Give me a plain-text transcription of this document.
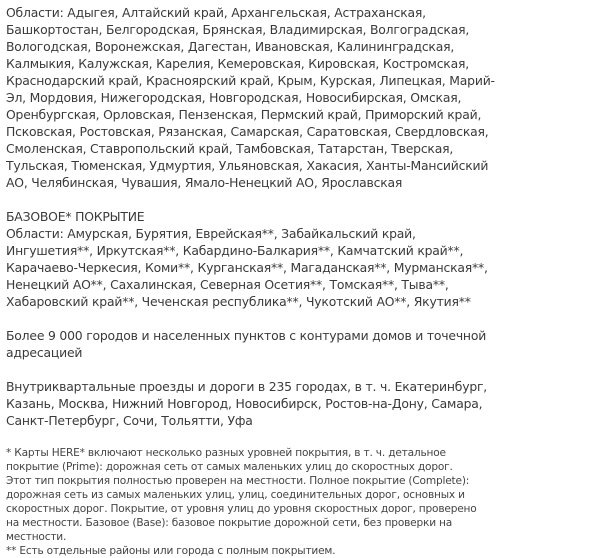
Области: Адыгея, Алтайский край, Архангельская, Астраханская,
Башкортостан, Белгородская, Брянская, Владимирская, Волгоградская,
Вологодская, Воронежская, Дагестан, Ивановская, Калининградская,
Калмыкия, Калужская, Карелия, Кемеровская, Кировская, Костромская,
Краснодарский край, Красноярский край, Крым, Курская, Липецкая, Марий-
Эл, Мордовия, Нижегородская, Новгородская, Новосибирская, Омская,
Оренбургская, Орловская, Пензенская, Пермский край, Приморский край,
Псковская, Ростовская, Рязанская, Самарская, Саратовская, Свердловская,
Смоленская, Ставропольский край, Тамбовская, Татарстан, Тверская,
Тульская, Тюменская, Удмуртия, Ульяновская, Хакасия, Ханты-Мансийский
АО, Челябинская, Чувашия, Ямало-Ненецкий АО, Ярославская
БАЗОВОЕ* ПОКРЫТИЕ
Области: Амурская, Бурятия, Еврейская**, Забайкальский край,
Ингушетия**, Иркутская**, Кабардино-Балкария**, Камчатский край**,
Карачаево-Черкесия, Коми**, Курганская**, Магаданская**, Мурманская**,
Ненецкий АО**, Сахалинская, Северная Осетия**, Томская**, Тыва**,
Хабаровский край**, Чеченская республика**, Чукотский АО**, Якутия**
Более 9 000 городов и населенных пунктов с контурами домов и точечной
адресацией
Внутриквартальные проезды и дороги в 235 городах, в т. ч. Екатеринбург,
Казань, Москва, Нижний Новгород, Новосибирск, Ростов-на-Дону, Самара,
Санкт-Петербург, Сочи, Тольятти, Уфа
* Карты HERE* включают несколько разных уровней покрытия, в т. ч. детальное
покрытие (Prime): дорожная сеть от самых маленьких улиц до скоростных дорог.
Этот тип покрытия полностью проверен на местности. Полное покрытие (Complete):
дорожная сеть из самых маленьких улиц, улиц, соединительных дорог, основных и
скоростных дорог. Покрытие, от уровня улиц до уровня скоростных дорог, проверено
на местности. Базовое (Base): базовое покрытие дорожной сети, без проверки на
местности.
** Есть отдельные районы или города с полным покрытием.
